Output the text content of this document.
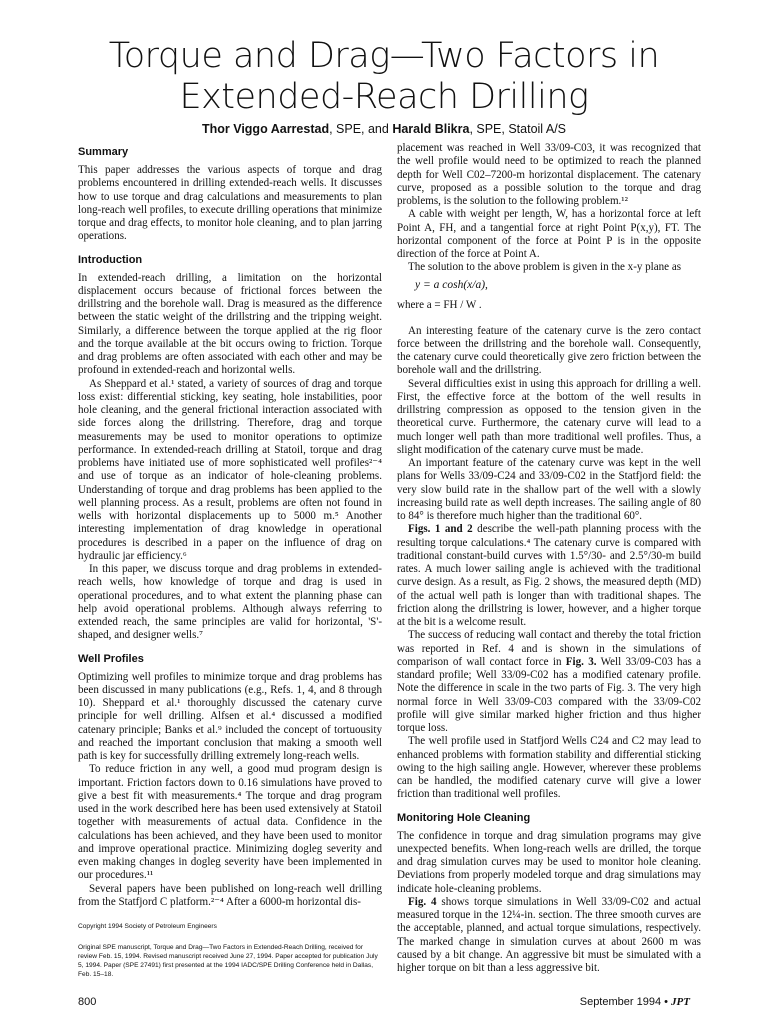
Torque and Drag—Two Factors in
Extended-Reach Drilling
Thor Viggo Aarrestad, SPE, and Harald Blikra, SPE, Statoil A/S
Summary

This paper addresses the various aspects of torque and drag problems encountered in drilling extended-reach wells. It discusses how to use torque and drag calculations and measurements to plan long-reach well profiles, to execute drilling operations that minimize torque and drag effects, to monitor hole cleaning, and to plan jarring operations.

Introduction

In extended-reach drilling, a limitation on the horizontal displacement occurs because of frictional forces between the drillstring and the borehole wall. Drag is measured as the difference between the static weight of the drillstring and the tripping weight. Similarly, a difference between the torque applied at the rig floor and the torque available at the bit occurs owing to friction. Torque and drag problems are often associated with each other and may be profound in extended-reach and horizontal wells.

As Sheppard et al.¹ stated, a variety of sources of drag and torque loss exist: differential sticking, key seating, hole instabilities, poor hole cleaning, and the general frictional interaction associated with side forces along the drillstring. Therefore, drag and torque measurements may be used to monitor operations to optimize performance. In extended-reach drilling at Statoil, torque and drag problems have initiated use of more sophisticated well profiles²⁻⁴ and use of torque as an indicator of hole-cleaning problems. Understanding of torque and drag problems has been applied to the well planning process. As a result, problems are often not found in wells with horizontal displacements up to 5000 m.⁵ Another interesting implementation of drag knowledge in operational procedures is described in a paper on the influence of drag on hydraulic jar efficiency.⁶

In this paper, we discuss torque and drag problems in extended-reach wells, how knowledge of torque and drag is used in operational procedures, and to what extent the planning phase can help avoid operational problems. Although always referring to extended reach, the same principles are valid for horizontal, 'S'-shaped, and designer wells.⁷

Well Profiles

Optimizing well profiles to minimize torque and drag problems has been discussed in many publications (e.g., Refs. 1, 4, and 8 through 10). Sheppard et al.¹ thoroughly discussed the catenary curve principle for well drilling. Alfsen et al.⁴ discussed a modified catenary principle; Banks et al.⁹ included the concept of tortuousity and reached the important conclusion that making a smooth well path is key for successfully drilling extremely long-reach wells.

To reduce friction in any well, a good mud program design is important. Friction factors down to 0.16 simulations have proved to give a best fit with measurements.⁴ The torque and drag program used in the work described here has been used extensively at Statoil together with measurements of actual data. Confidence in the calculations has been achieved, and they have been used to monitor and improve operational practice. Minimizing dogleg severity and even making changes in dogleg severity have been implemented in our procedures.¹¹

Several papers have been published on long-reach well drilling from the Statfjord C platform.²⁻⁴ After a 6000-m horizontal dis-

Copyright 1994 Society of Petroleum Engineers
Original SPE manuscript, Torque and Drag—Two Factors in Extended-Reach Drilling, received for review Feb. 15, 1994. Revised manuscript received June 27, 1994. Paper accepted for publication July 5, 1994. Paper (SPE 27491) first presented at the 1994 IADC/SPE Drilling Conference held in Dallas, Feb. 15–18.

placement was reached in Well 33/09-C03, it was recognized that the well profile would need to be optimized to reach the planned depth for Well C02–7200-m horizontal displacement. The catenary curve, proposed as a possible solution to the torque and drag problems, is the solution to the following problem.¹²

A cable with weight per length, W, has a horizontal force at left Point A, FH, and a tangential force at right Point P(x,y), FT. The horizontal component of the force at Point P is in the opposite direction of the force at Point A.

The solution to the above problem is given in the x-y plane as

y = a cosh(x/a),
where a = FH / W .

An interesting feature of the catenary curve is the zero contact force between the drillstring and the borehole wall. Consequently, the catenary curve could theoretically give zero friction between the borehole wall and the drillstring.

Several difficulties exist in using this approach for drilling a well. First, the effective force at the bottom of the well results in drillstring compression as opposed to the tension given in the theoretical curve. Furthermore, the catenary curve will lead to a much longer well path than more traditional well profiles. Thus, a slight modification of the catenary curve must be made.

An important feature of the catenary curve was kept in the well plans for Wells 33/09-C24 and 33/09-C02 in the Statfjord field: the very slow build rate in the shallow part of the well with a slowly increasing build rate as well depth increases. The sailing angle of 80 to 84° is therefore much higher than the traditional 60°.

Figs. 1 and 2 describe the well-path planning process with the resulting torque calculations.⁴ The catenary curve is compared with traditional constant-build curves with 1.5°/30- and 2.5°/30-m build rates. A much lower sailing angle is achieved with the traditional curve design. As a result, as Fig. 2 shows, the measured depth (MD) of the actual well path is longer than with traditional shapes. The friction along the drillstring is lower, however, and a higher torque at the bit is a welcome result.

The success of reducing wall contact and thereby the total friction was reported in Ref. 4 and is shown in the simulations of comparison of wall contact force in Fig. 3. Well 33/09-C03 has a standard profile; Well 33/09-C02 has a modified catenary profile. Note the difference in scale in the two parts of Fig. 3. The very high normal force in Well 33/09-C03 compared with the 33/09-C02 profile will give similar marked higher friction and thus higher torque loss.

The well profile used in Statfjord Wells C24 and C2 may lead to enhanced problems with formation stability and differential sticking owing to the high sailing angle. However, wherever these problems can be handled, the modified catenary curve will give a lower friction than traditional well profiles.

Monitoring Hole Cleaning

The confidence in torque and drag simulation programs may give unexpected benefits. When long-reach wells are drilled, the torque and drag simulation curves may be used to monitor hole cleaning. Deviations from properly modeled torque and drag simulations may indicate hole-cleaning problems.

Fig. 4 shows torque simulations in Well 33/09-C02 and actual measured torque in the 12¼-in. section. The three smooth curves are the acceptable, planned, and actual torque simulations, respectively. The marked change in simulation curves at about 2600 m was caused by a bit change. An aggressive bit must be simulated with a higher torque on bit than a less aggressive bit.

800	September 1994 • JPT
